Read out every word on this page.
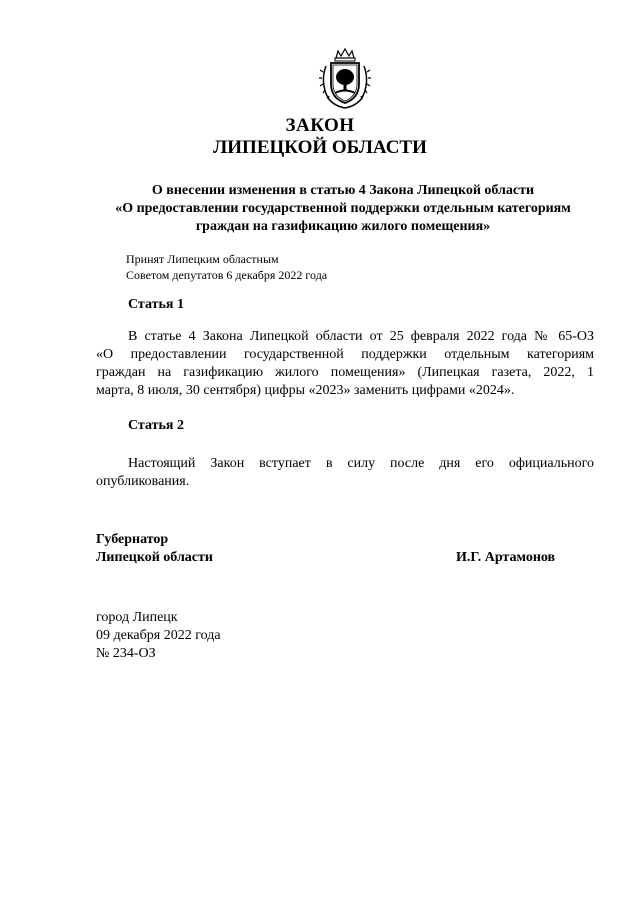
ЗАКОН
ЛИПЕЦКОЙ ОБЛАСТИ
О внесении изменения в статью 4 Закона Липецкой области
«О предоставлении государственной поддержки отдельным категориям
граждан на газификацию жилого помещения»
Принят Липецким областным
Советом депутатов 6 декабря 2022 года
Статья 1
В статье 4 Закона Липецкой области от 25 февраля 2022 года № 65-ОЗ
«О предоставлении государственной поддержки отдельным категориям
граждан на газификацию жилого помещения» (Липецкая газета, 2022, 1
марта, 8 июля, 30 сентября) цифры «2023» заменить цифрами «2024».
Статья 2
Настоящий Закон вступает в силу после дня его официального
опубликования.
Губернатор
Липецкой области	И.Г. Артамонов
город Липецк
09 декабря 2022 года
№ 234-ОЗ
